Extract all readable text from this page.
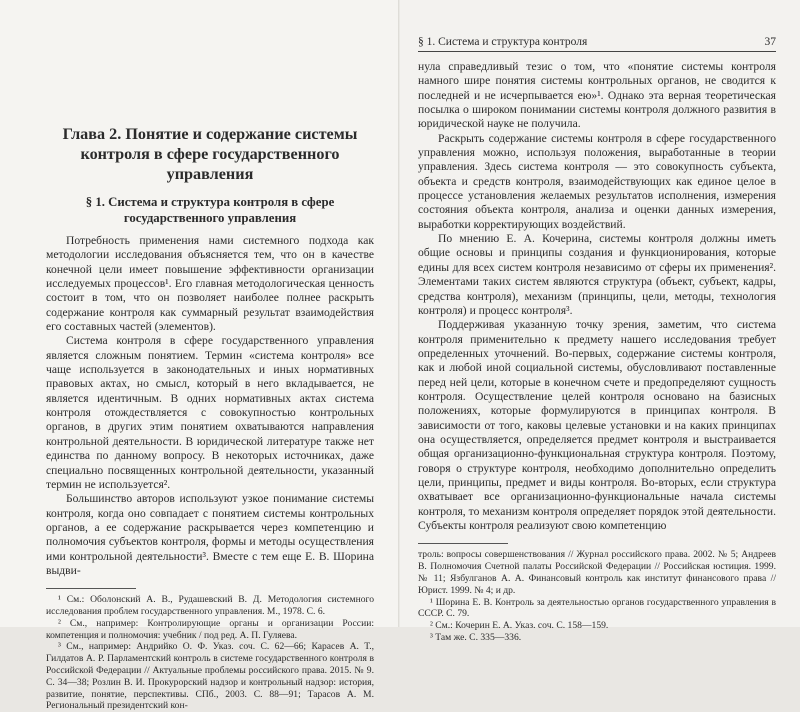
Глава 2. Понятие и содержание системы контроля в сфере государственного управления
§ 1. Система и структура контроля в сфере государственного управления

Потребность применения нами системного подхода как методологии исследования объясняется тем, что он в качестве конечной цели имеет повышение эффективности организации исследуемых процессов¹. Его главная методологическая ценность состоит в том, что он позволяет наиболее полнее раскрыть содержание контроля как суммарный результат взаимодействия его составных частей (элементов).

Система контроля в сфере государственного управления является сложным понятием. Термин «система контроля» все чаще используется в законодательных и иных нормативных правовых актах, но смысл, который в него вкладывается, не является идентичным. В одних нормативных актах система контроля отождествляется с совокупностью контрольных органов, в других этим понятием охватываются направления контрольной деятельности. В юридической литературе также нет единства по данному вопросу. В некоторых источниках, даже специально посвященных контрольной деятельности, указанный термин не используется².

Большинство авторов используют узкое понимание системы контроля, когда оно совпадает с понятием системы контрольных органов, а ее содержание раскрывается через компетенцию и полномочия субъектов контроля, формы и методы осуществления ими контрольной деятельности³. Вместе с тем еще Е. В. Шорина выдви-

¹ См.: Оболонский А. В., Рудашевский В. Д. Методология системного исследования проблем государственного управления. М., 1978. С. 6.

² См., например: Контролирующие органы и организации России: компетенция и полномочия: учебник / под ред. А. П. Гуляева.

³ См., например: Андрийко О. Ф. Указ. соч. С. 62—66; Карасев А. Т., Гилдатов А. Р. Парламентский контроль в системе государственного контроля в Российской Федерации // Актуальные проблемы российского права. 2015. № 9. С. 34—38; Розлин В. И. Прокурорский надзор и контрольный надзор: история, развитие, понятие, перспективы. СПб., 2003. С. 88—91; Тарасов А. М. Региональный президентский кон-

§ 1. Система и структура контроля	37

нула справедливый тезис о том, что «понятие системы контроля намного шире понятия системы контрольных органов, не сводится к последней и не исчерпывается ею»¹. Однако эта верная теоретическая посылка о широком понимании системы контроля должного развития в юридической науке не получила.

Раскрыть содержание системы контроля в сфере государственного управления можно, используя положения, выработанные в теории управления. Здесь система контроля — это совокупность субъекта, объекта и средств контроля, взаимодействующих как единое целое в процессе установления желаемых результатов исполнения, измерения состояния объекта контроля, анализа и оценки данных измерения, выработки корректирующих воздействий.

По мнению Е. А. Кочерина, системы контроля должны иметь общие основы и принципы создания и функционирования, которые едины для всех систем контроля независимо от сферы их применения². Элементами таких систем являются структура (объект, субъект, кадры, средства контроля), механизм (принципы, цели, методы, технология контроля) и процесс контроля³.

Поддерживая указанную точку зрения, заметим, что система контроля применительно к предмету нашего исследования требует определенных уточнений. Во-первых, содержание системы контроля, как и любой иной социальной системы, обусловливают поставленные перед ней цели, которые в конечном счете и предопределяют сущность контроля. Осуществление целей контроля основано на базисных положениях, которые формулируются в принципах контроля. В зависимости от того, каковы целевые установки и на каких принципах она осуществляется, определяется предмет контроля и выстраивается общая организационно-функциональная структура контроля. Поэтому, говоря о структуре контроля, необходимо дополнительно определить цели, принципы, предмет и виды контроля. Во-вторых, если структура охватывает все организационно-функциональные начала системы контроля, то механизм контроля определяет порядок этой деятельности. Субъекты контроля реализуют свою компетенцию

троль: вопросы совершенствования // Журнал российского права. 2002. № 5; Андреев В. Полномочия Счетной палаты Российской Федерации // Российская юстиция. 1999. № 11; Язбулганов А. А. Финансовый контроль как институт финансового права // Юрист. 1999. № 4; и др.

¹ Шорина Е. В. Контроль за деятельностью органов государственного управления в СССР. С. 79.

² См.: Кочерин Е. А. Указ. соч. С. 158—159.

³ Там же. С. 335—336.
